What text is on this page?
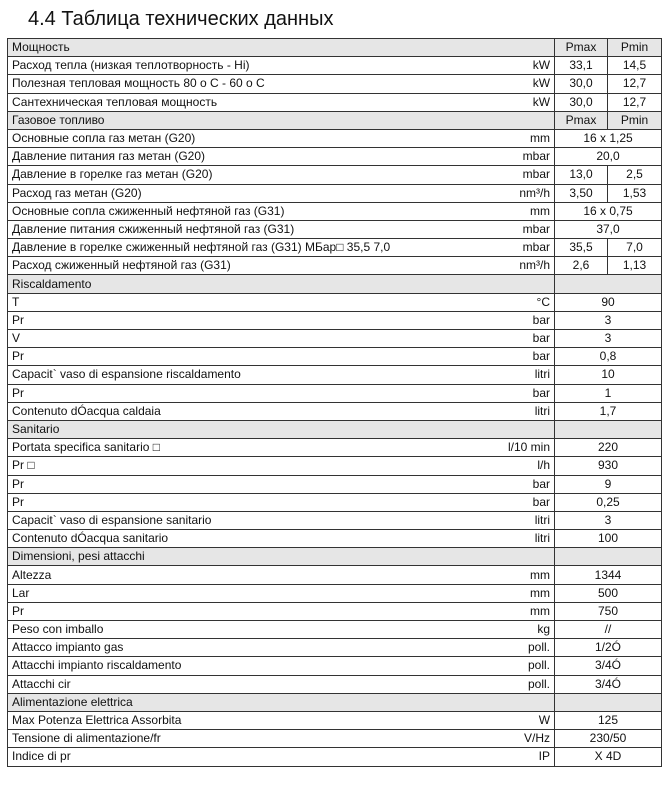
4.4 Таблица технических данных
Мощность		Pmax	Pmin
Расход тепла (низкая теплотворность - Hi)	kW	33,1	14,5
Полезная тепловая мощность 80 о С - 60 о С	kW	30,0	12,7
Сантехническая тепловая мощность	kW	30,0	12,7
Газовое топливо		Pmax	Pmin
Основные сопла газ метан (G20)	mm	16 x 1,25	
Давление питания газ метан (G20)	mbar	20,0	
Давление в горелке газ метан (G20)	mbar	13,0	2,5
Расход газ метан (G20)	nm³/h	3,50	1,53
Основные сопла сжиженный нефтяной газ (G31)	mm	16 x 0,75	
Давление питания сжиженный нефтяной газ (G31)	mbar	37,0	
Давление в горелке сжиженный нефтяной газ (G31) МБар□ 35,5 7,0	mbar	35,5	7,0
Расход сжиженный нефтяной газ (G31)	nm³/h	2,6	1,13
Riscaldamento			
T	°C	90	
Pr	bar	3	
V	bar	3	
Pr	bar	0,8	
Capacit` vaso di espansione riscaldamento	litri	10	
Pr	bar	1	
Contenuto dÓacqua caldaia	litri	1,7	
Sanitario			
Portata specifica sanitario □	l/10 min	220	
Pr □	l/h	930	
Pr	bar	9	
Pr	bar	0,25	
Capacit` vaso di espansione sanitario	litri	3	
Contenuto dÓacqua sanitario	litri	100	
Dimensioni, pesi attacchi			
Altezza	mm	1344	
Lar	mm	500	
Pr	mm	750	
Peso con imballo	kg	//	
Attacco impianto gas	poll.	1/2Ó	
Attacchi impianto riscaldamento	poll.	3/4Ó	
Attacchi cir	poll.	3/4Ó	
Alimentazione elettrica			
Max Potenza Elettrica Assorbita	W	125	
Tensione di alimentazione/fr	V/Hz	230/50	
Indice di pr	IP	X 4D	
